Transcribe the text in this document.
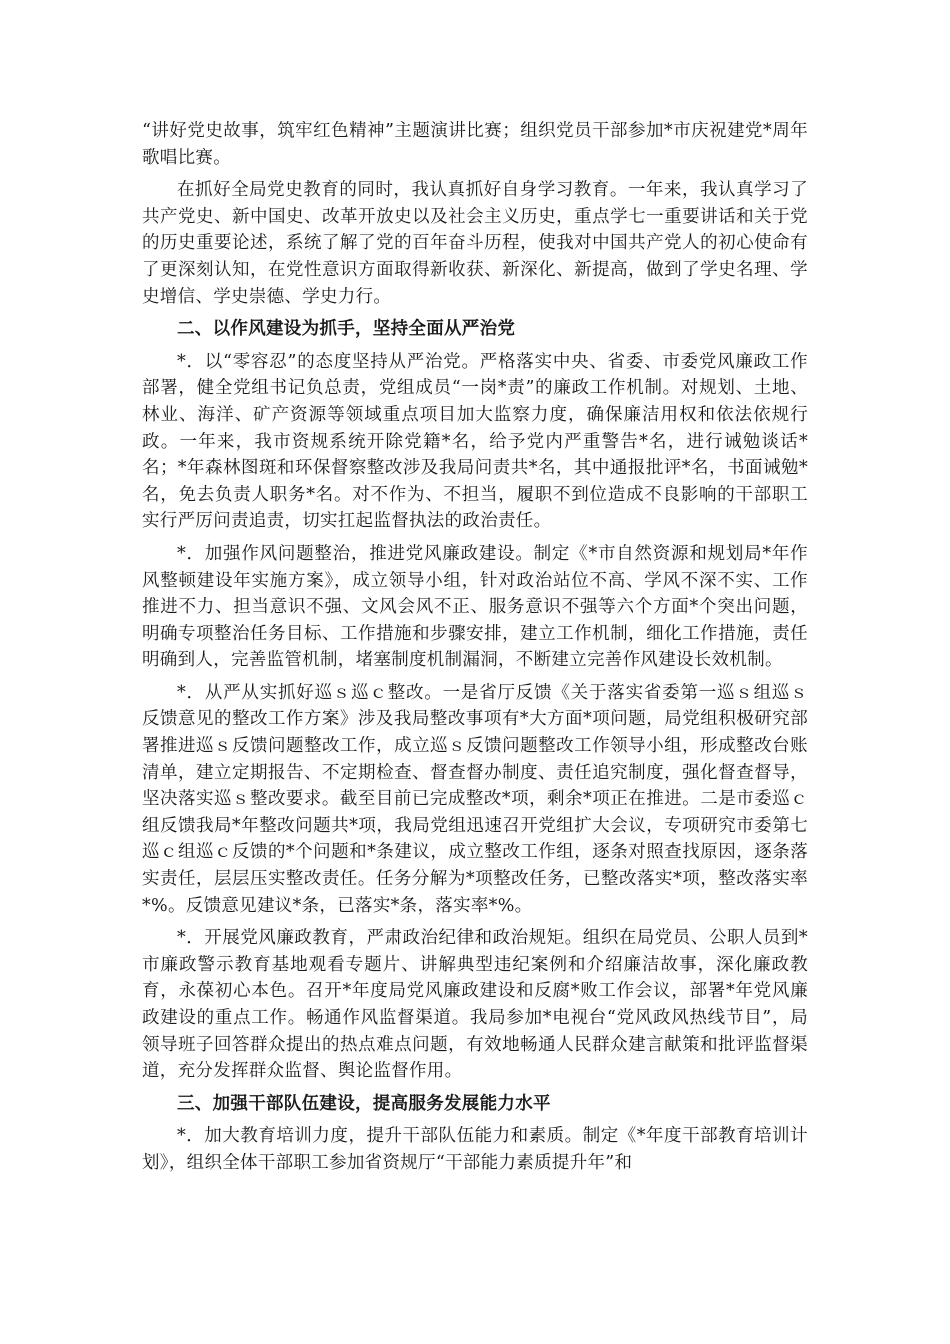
“讲好党史故事，筑牢红色精神”主题演讲比赛；组织党员干部参加*市庆祝建党*周年歌唱比赛。

在抓好全局党史教育的同时，我认真抓好自身学习教育。一年来，我认真学习了共产党史、新中国史、改革开放史以及社会主义历史，重点学七一重要讲话和关于党的历史重要论述，系统了解了党的百年奋斗历程，使我对中国共产党人的初心使命有了更深刻认知，在党性意识方面取得新收获、新深化、新提高，做到了学史名理、学史增信、学史崇德、学史力行。

二、以作风建设为抓手，坚持全面从严治党

*．以“零容忍”的态度坚持从严治党。严格落实中央、省委、市委党风廉政工作部署，健全党组书记负总责，党组成员“一岗*责”的廉政工作机制。对规划、土地、林业、海洋、矿产资源等领域重点项目加大监察力度，确保廉洁用权和依法依规行政。一年来，我市资规系统开除党籍*名，给予党内严重警告*名，进行诫勉谈话*名；*年森林图斑和环保督察整改涉及我局问责共*名，其中通报批评*名，书面诫勉*名，免去负责人职务*名。对不作为、不担当，履职不到位造成不良影响的干部职工实行严厉问责追责，切实扛起监督执法的政治责任。

*．加强作风问题整治，推进党风廉政建设。制定《*市自然资源和规划局*年作风整顿建设年实施方案》，成立领导小组，针对政治站位不高、学风不深不实、工作推进不力、担当意识不强、文风会风不正、服务意识不强等六个方面*个突出问题，明确专项整治任务目标、工作措施和步骤安排，建立工作机制，细化工作措施，责任明确到人，完善监管机制，堵塞制度机制漏洞，不断建立完善作风建设长效机制。

*．从严从实抓好巡ｓ巡ｃ整改。一是省厅反馈《关于落实省委第一巡ｓ组巡ｓ反馈意见的整改工作方案》涉及我局整改事项有*大方面*项问题，局党组积极研究部署推进巡ｓ反馈问题整改工作，成立巡ｓ反馈问题整改工作领导小组，形成整改台账清单，建立定期报告、不定期检查、督查督办制度、责任追究制度，强化督查督导，坚决落实巡ｓ整改要求。截至目前已完成整改*项，剩余*项正在推进。二是市委巡ｃ组反馈我局*年整改问题共*项，我局党组迅速召开党组扩大会议，专项研究市委第七巡ｃ组巡ｃ反馈的*个问题和*条建议，成立整改工作组，逐条对照查找原因，逐条落实责任，层层压实整改责任。任务分解为*项整改任务，已整改落实*项，整改落实率*%。反馈意见建议*条，已落实*条，落实率*%。

*．开展党风廉政教育，严肃政治纪律和政治规矩。组织在局党员、公职人员到*市廉政警示教育基地观看专题片、讲解典型违纪案例和介绍廉洁故事，深化廉政教育，永葆初心本色。召开*年度局党风廉政建设和反腐*败工作会议，部署*年党风廉政建设的重点工作。畅通作风监督渠道。我局参加*电视台“党风政风热线节目”，局领导班子回答群众提出的热点难点问题，有效地畅通人民群众建言献策和批评监督渠道，充分发挥群众监督、舆论监督作用。

三、加强干部队伍建设，提高服务发展能力水平

*．加大教育培训力度，提升干部队伍能力和素质。制定《*年度干部教育培训计划》，组织全体干部职工参加省资规厅“干部能力素质提升年”和
